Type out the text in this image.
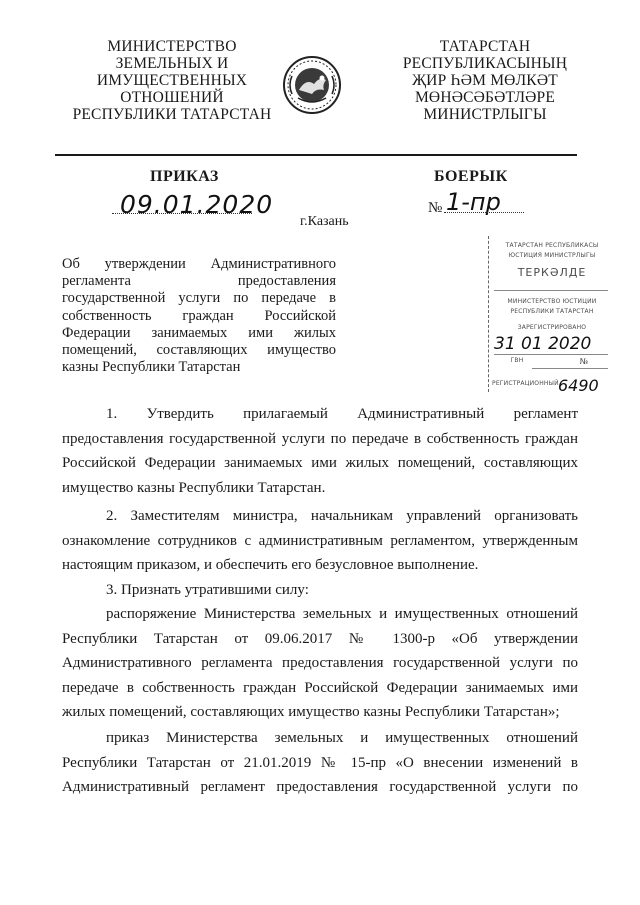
МИНИСТЕРСТВО
ЗЕМЕЛЬНЫХ И
ИМУЩЕСТВЕННЫХ
ОТНОШЕНИЙ
РЕСПУБЛИКИ ТАТАРСТАН
ТАТАРСТАН
РЕСПУБЛИКАСЫНЫҢ
ҖИР ҺӘМ МӨЛКӘТ
МӨНӘСӘБӘТЛӘРЕ
МИНИСТРЛЫГЫ
ПРИКАЗ	БОЕРЫК
09.01.2020
г.Казань
№ 1-пр
Об утверждении Административного регламента предоставления государственной услуги по передаче в собственность граждан Российской Федерации занимаемых ими жилых помещений, составляющих имущество казны Республики Татарстан
ТАТАРСТАН РЕСПУБЛИКАСЫ
ЮСТИЦИЯ МИНИСТРЛЫГЫ
ТЕРКӘЛДЕ
МИНИСТЕРСТВО ЮСТИЦИИ
РЕСПУБЛИКИ ТАТАРСТАН
ЗАРЕГИСТРИРОВАНО
31 01 2020
ГВН	№
РЕГИСТРАЦИОННЫЙ 6490

1. Утвердить прилагаемый Административный регламент предоставления государственной услуги по передаче в собственность граждан Российской Федерации занимаемых ими жилых помещений, составляющих имущество казны Республики Татарстан.

2. Заместителям министра, начальникам управлений организовать ознакомление сотрудников с административным регламентом, утвержденным настоящим приказом, и обеспечить его безусловное выполнение.

3. Признать утратившими силу:

распоряжение Министерства земельных и имущественных отношений Республики Татарстан от 09.06.2017 № 1300-р «Об утверждении Административного регламента предоставления государственной услуги по передаче в собственность граждан Российской Федерации занимаемых ими жилых помещений, составляющих имущество казны Республики Татарстан»;

приказ Министерства земельных и имущественных отношений Республики Татарстан от 21.01.2019 № 15-пр «О внесении изменений в Административный регламент предоставления государственной услуги по
